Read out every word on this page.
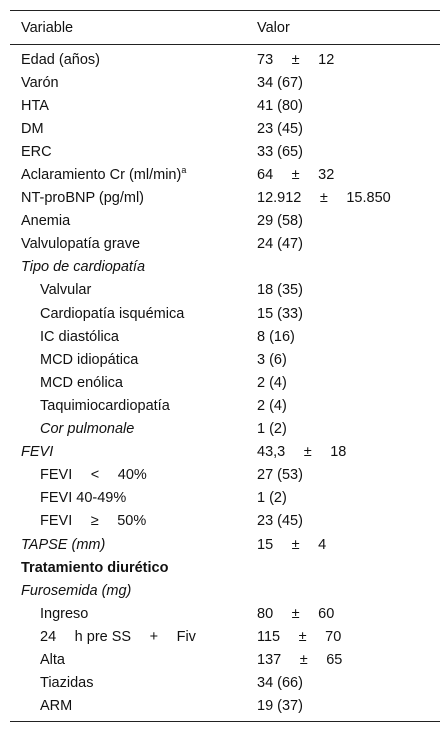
Variable	Valor
Edad (años)	73  ±  12
Varón	34 (67)
HTA	41 (80)
DM	23 (45)
ERC	33 (65)
Aclaramiento Cr $(ml/\min)^a$	64  ±  32
NT-proBNP (pg/ml)	12.912  ±  15.850
Anemia	29 (58)
Valvulopatía grave	24 (47)
Tipo de cardiopatía
Valvular	18 (35)
Cardiopatía isquémica	15 (33)
IC diastólica	8 (16)
MCD idiopática	3 (6)
MCD enólica	2 (4)
Taquimiocardiopatía	2 (4)
Cor pulmonale	1 (2)
FEVI	43,3  ±  18
FEVI  <  40%	27 (53)
FEVI 40-49%	1 (2)
FEVI  ≥  50%	23 (45)
TAPSE (mm)	15  ±  4
Tratamiento diurético
Furosemida (mg)
Ingreso	80  ±  60
24  h pre SS  +  Fiv	115  ±  70
Alta	137  ±  65
Tiazidas	34 (66)
ARM	19 (37)
